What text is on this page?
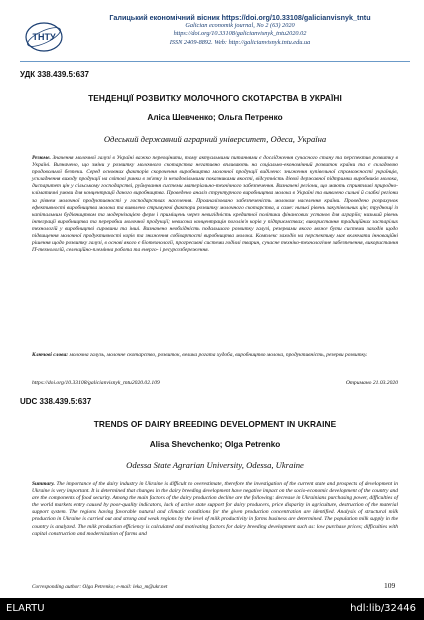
ТНТУ
Галицький економічний вісник https://doi.org/10.33108/galicianvisnyk_tntu
Galician economik journal, No 2 (63) 2020
https://doi.org/10.33108/galicianvisnyk_tntu2020.02
ISSN 2409-8892. Web: http://galicianvisnyk.tntu.edu.ua
УДК 338.439.5:637
ТЕНДЕНЦІЇ РОЗВИТКУ МОЛОЧНОГО СКОТАРСТВА В УКРАЇНІ
Аліса Шевченко; Ольга Петренко
Одеський державний аграрний університет, Одеса, Україна
Резюме. Значення молочної галузі в Україні важко переоцінити, тому актуальними питаннями є дослідження сучасного стану та перспектив розвитку в Україні. Визначено, що зміни у розвитку молочного скотарства негативно впливають на соціально-економічний розвиток країни та є складовою продовольчої безпеки. Серед основних факторів скорочення виробництва молочної продукції виділено: зниження купівельної спроможності українців, ускладнення виходу продукції на світові ринки в зв'язку із незадовільними показниками якості, відсутність дієвої державної підтримки виробників молока, диспаритет цін у сільському господарстві, руйнування системи матеріально-технічного забезпечення. Визначені регіони, що мають сприятливі природно-кліматичні умови для концентрації даного виробництва. Проведено аналіз структурного виробництва молока в Україні та виявлено сильні й слабкі регіони за рівнем молочної продуктивності у господарствах населення. Проаналізовано забезпеченість молоком населення країни. Проведено розрахунок ефективності виробництва молока та виявлено стримуючі фактори розвитку молочного скотарства, а саме: низькі рівень закупівельних цін; труднощі із капітальним будівництвом та модернізацією ферм і приміщень через невигідність кредитної політики фінансових установ для аграріїв; низький рівень інтеграції виробництва та переробки молочної продукції; невисока концентрація поголів'я корів у підприємствах; використання традиційних застарілих технологій у виробництві сировини та інші. Визначено необхідність подальшого розвитку галузі, резервами якого може бути системи заходів щодо підвищення молочної продуктивності корів та зниження собівартості виробництва молока. Комплекс заходів на перспективу має включати інноваційні рішення щодо розвитку галузі, в основі якого є біотехнології, прогресивні системи годівлі тварин, сучасне техніко-технологічне забезпечення, використання IT-технологій, селекційно-племінна робота та енерго- і ресурсозбереження.
Ключові слова: молочна галузь, молочне скотарство, розвиток, велика рогата худоба, виробництво молока, продуктивність, резерви розвитку.
https://doi.org/10.33108/galicianvisnyk_tntu2020.02.109	Отримано 21.03.2020
UDC 338.439.5:637
TRENDS OF DAIRY BREEDING DEVELOPMENT IN UKRAINE
Alisa Shevchenko; Olga Petrenko
Odessa State Agrarian University, Odessa, Ukraine
Summary. The importance of the dairy industry in Ukraine is difficult to overestimate, therefore the investigation of the current state and prospects of development in Ukraine is very important. It is determined that changes in the dairy breeding development have negative impact on the socio-economic development of the country and are the components of food security. Among the main factors of the dairy production decline are the following: decrease in Ukrainians purchasing power, difficulties of the world markets entry caused by poor-quality indicators, lack of active state support for dairy producers, price disparity in agriculture, destruction of the material support system. The regions having favorable natural and climatic conditions for the given production concentration are identified. Analysis of structural milk production in Ukraine is carried out and strong and weak regions by the level of milk productivity in farms business are determined. The population milk supply in the country is analyzed. The milk production efficiency is calculated and motivating factors for dairy breeding development such as: low purchase prices; difficulties with capital construction and modernization of farms and
Corresponding author: Olga Petrenko; e-mail: leka_m@ukr.net	109
ELARTU	hdl:lib/32446
